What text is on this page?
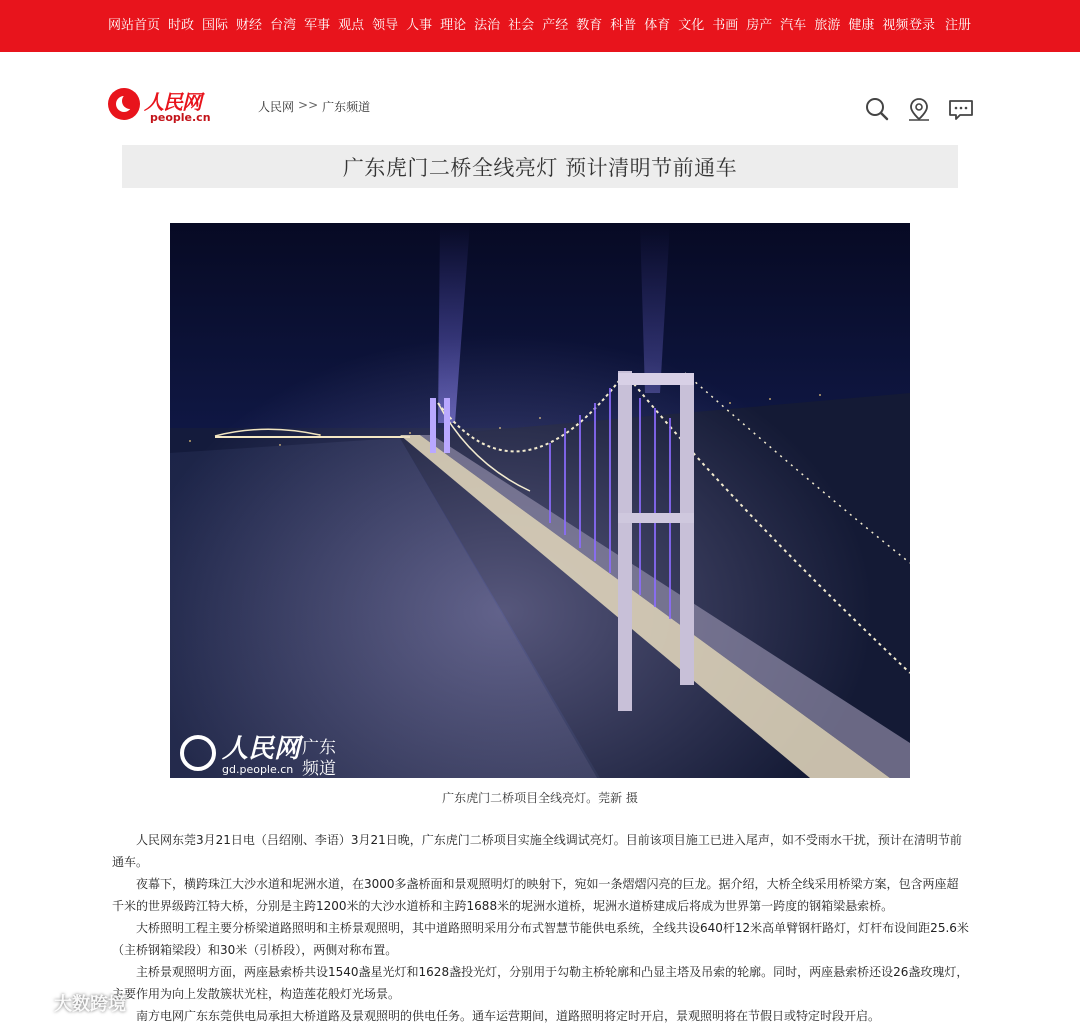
网站首页 时政 国际 财经 台湾 军事 观点 领导 人事 理论 法治 社会 产经 教育 科普 体育 文化 书画 房产 汽车 旅游 健康 视频 登录 注册
人民网
people.cn
人民网 >> 广东频道
广东虎门二桥全线亮灯 预计清明节前通车
人民网 广东
频道
gd.people.cn
广东虎门二桥项目全线亮灯。莞新 摄

人民网东莞3月21日电（吕绍刚、李语）3月21日晚，广东虎门二桥项目实施全线调试亮灯。目前该项目施工已进入尾声，如不受雨水干扰，预计在清明节前通车。

夜幕下，横跨珠江大沙水道和坭洲水道，在3000多盏桥面和景观照明灯的映射下，宛如一条熠熠闪亮的巨龙。据介绍，大桥全线采用桥梁方案，包含两座超千米的世界级跨江特大桥，分别是主跨1200米的大沙水道桥和主跨1688米的坭洲水道桥，坭洲水道桥建成后将成为世界第一跨度的钢箱梁悬索桥。

大桥照明工程主要分桥梁道路照明和主桥景观照明，其中道路照明采用分布式智慧节能供电系统，全线共设640杆12米高单臂钢杆路灯，灯杆布设间距25.6米（主桥钢箱梁段）和30米（引桥段），两侧对称布置。

主桥景观照明方面，两座悬索桥共设1540盏星光灯和1628盏投光灯，分别用于勾勒主桥轮廓和凸显主塔及吊索的轮廓。同时，两座悬索桥还设26盏玫瑰灯，主要作用为向上发散簇状光柱，构造莲花般灯光场景。

南方电网广东东莞供电局承担大桥道路及景观照明的供电任务。通车运营期间，道路照明将定时开启，景观照明将在节假日或特定时段开启。

大数跨境
